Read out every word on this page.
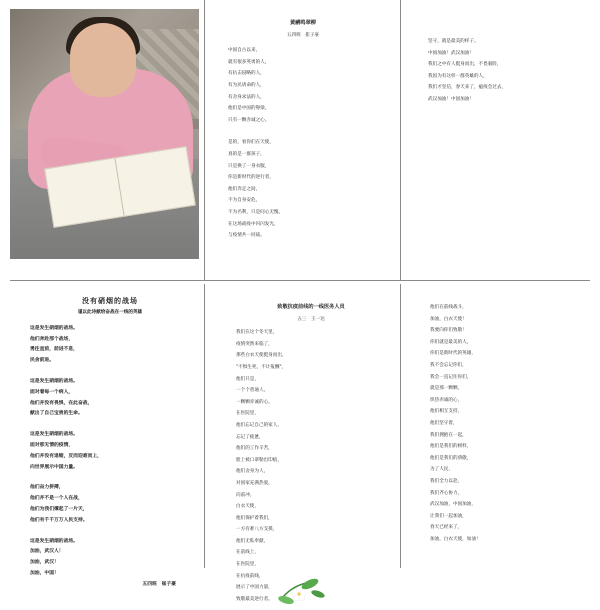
黄鹂鸣翠柳
五四班　崔子豪
中国自古以来，
就有很多英勇的人，
有抗击侵略的人，
有为民请命的人，
有舍身求法的人，
他们是中国的脊梁。
只有一颗赤诚之心。
是的，看你们在天使，
真的是一群孩子，
只是换了一身衣服，
你是新时代的逆行者，
他们奔走之间，
不为自身安危，
不为名利，只是问心无愧，
在这场战疫中闪闪发光，
与疫情共一同战。
坚守，就是最美的样子。
中国加油！武汉加油！
我们之中有人挺身而出，不畏艰险，
我因为有这样一群英雄的人，
我们才坚信，春天来了，瘟疫会过去，
武汉加油！中国加油！
没有硝烟的战场
谨以此诗献给奋战在一线的英雄
这是发生硝烟的战场。
他们奔赴那个战场，
勇往直前，前进不息，
民舍前进。
这是发生硝烟的战场。
面对着每一个病人，
他们并没有畏惧，在此奋战，
献出了自己宝贵的生命。
这是发生硝烟的战场。
面对那无情的疫情，
他们并没有退缩，反而迎难而上，
向世界展示中国力量。
他们奋力拼搏，
他们并不是一个人在战，
他们为我们撑起了一片天，
他们有千千万万人民支持。
这是发生硝烟的战场。
加油，武汉人！
加油，武汉！
加油，中国！
五四班　崔子豪
致敬抗疫前线的一线医务人员
五三　王一达
我们在这个冬天里，
疫情突然来临了，
那些白衣天使挺身而出，
"不惧生死，不计报酬"，
他们只是，
一个个普通人，
一颗颗赤诚的心。
在医院里，
他们忘记自己的家人，
忘记了疲惫，
他们的工作辛苦，
脸上被口罩勒出印痕，
他们舍身为人，
对国家充满热爱，
向前冲。
白衣天使，
他们保护着我们，
一方有难八方支援，
他们无私奉献，
在前线上，
在医院里，
在抗疫前线，
展示了中国力量，
致敬最美逆行者。
他们在前线战斗，
加油，白衣天使！
我要向你们致敬！
你们就是最美的人，
你们是新时代的英雄，
我不会忘记你们，
我会一直记住你们，
就是那一颗颗，
炽热赤诚的心，
他们相互支持，
他们坚守着，
我们拥抱在一起，
他们是我们的榜样，
他们是我们的骄傲，
为了人民，
我们全力以赴，
我们齐心协力，
武汉加油，中国加油，
让我们一起加油，
春天已经来了，
加油，白衣天使，加油！
